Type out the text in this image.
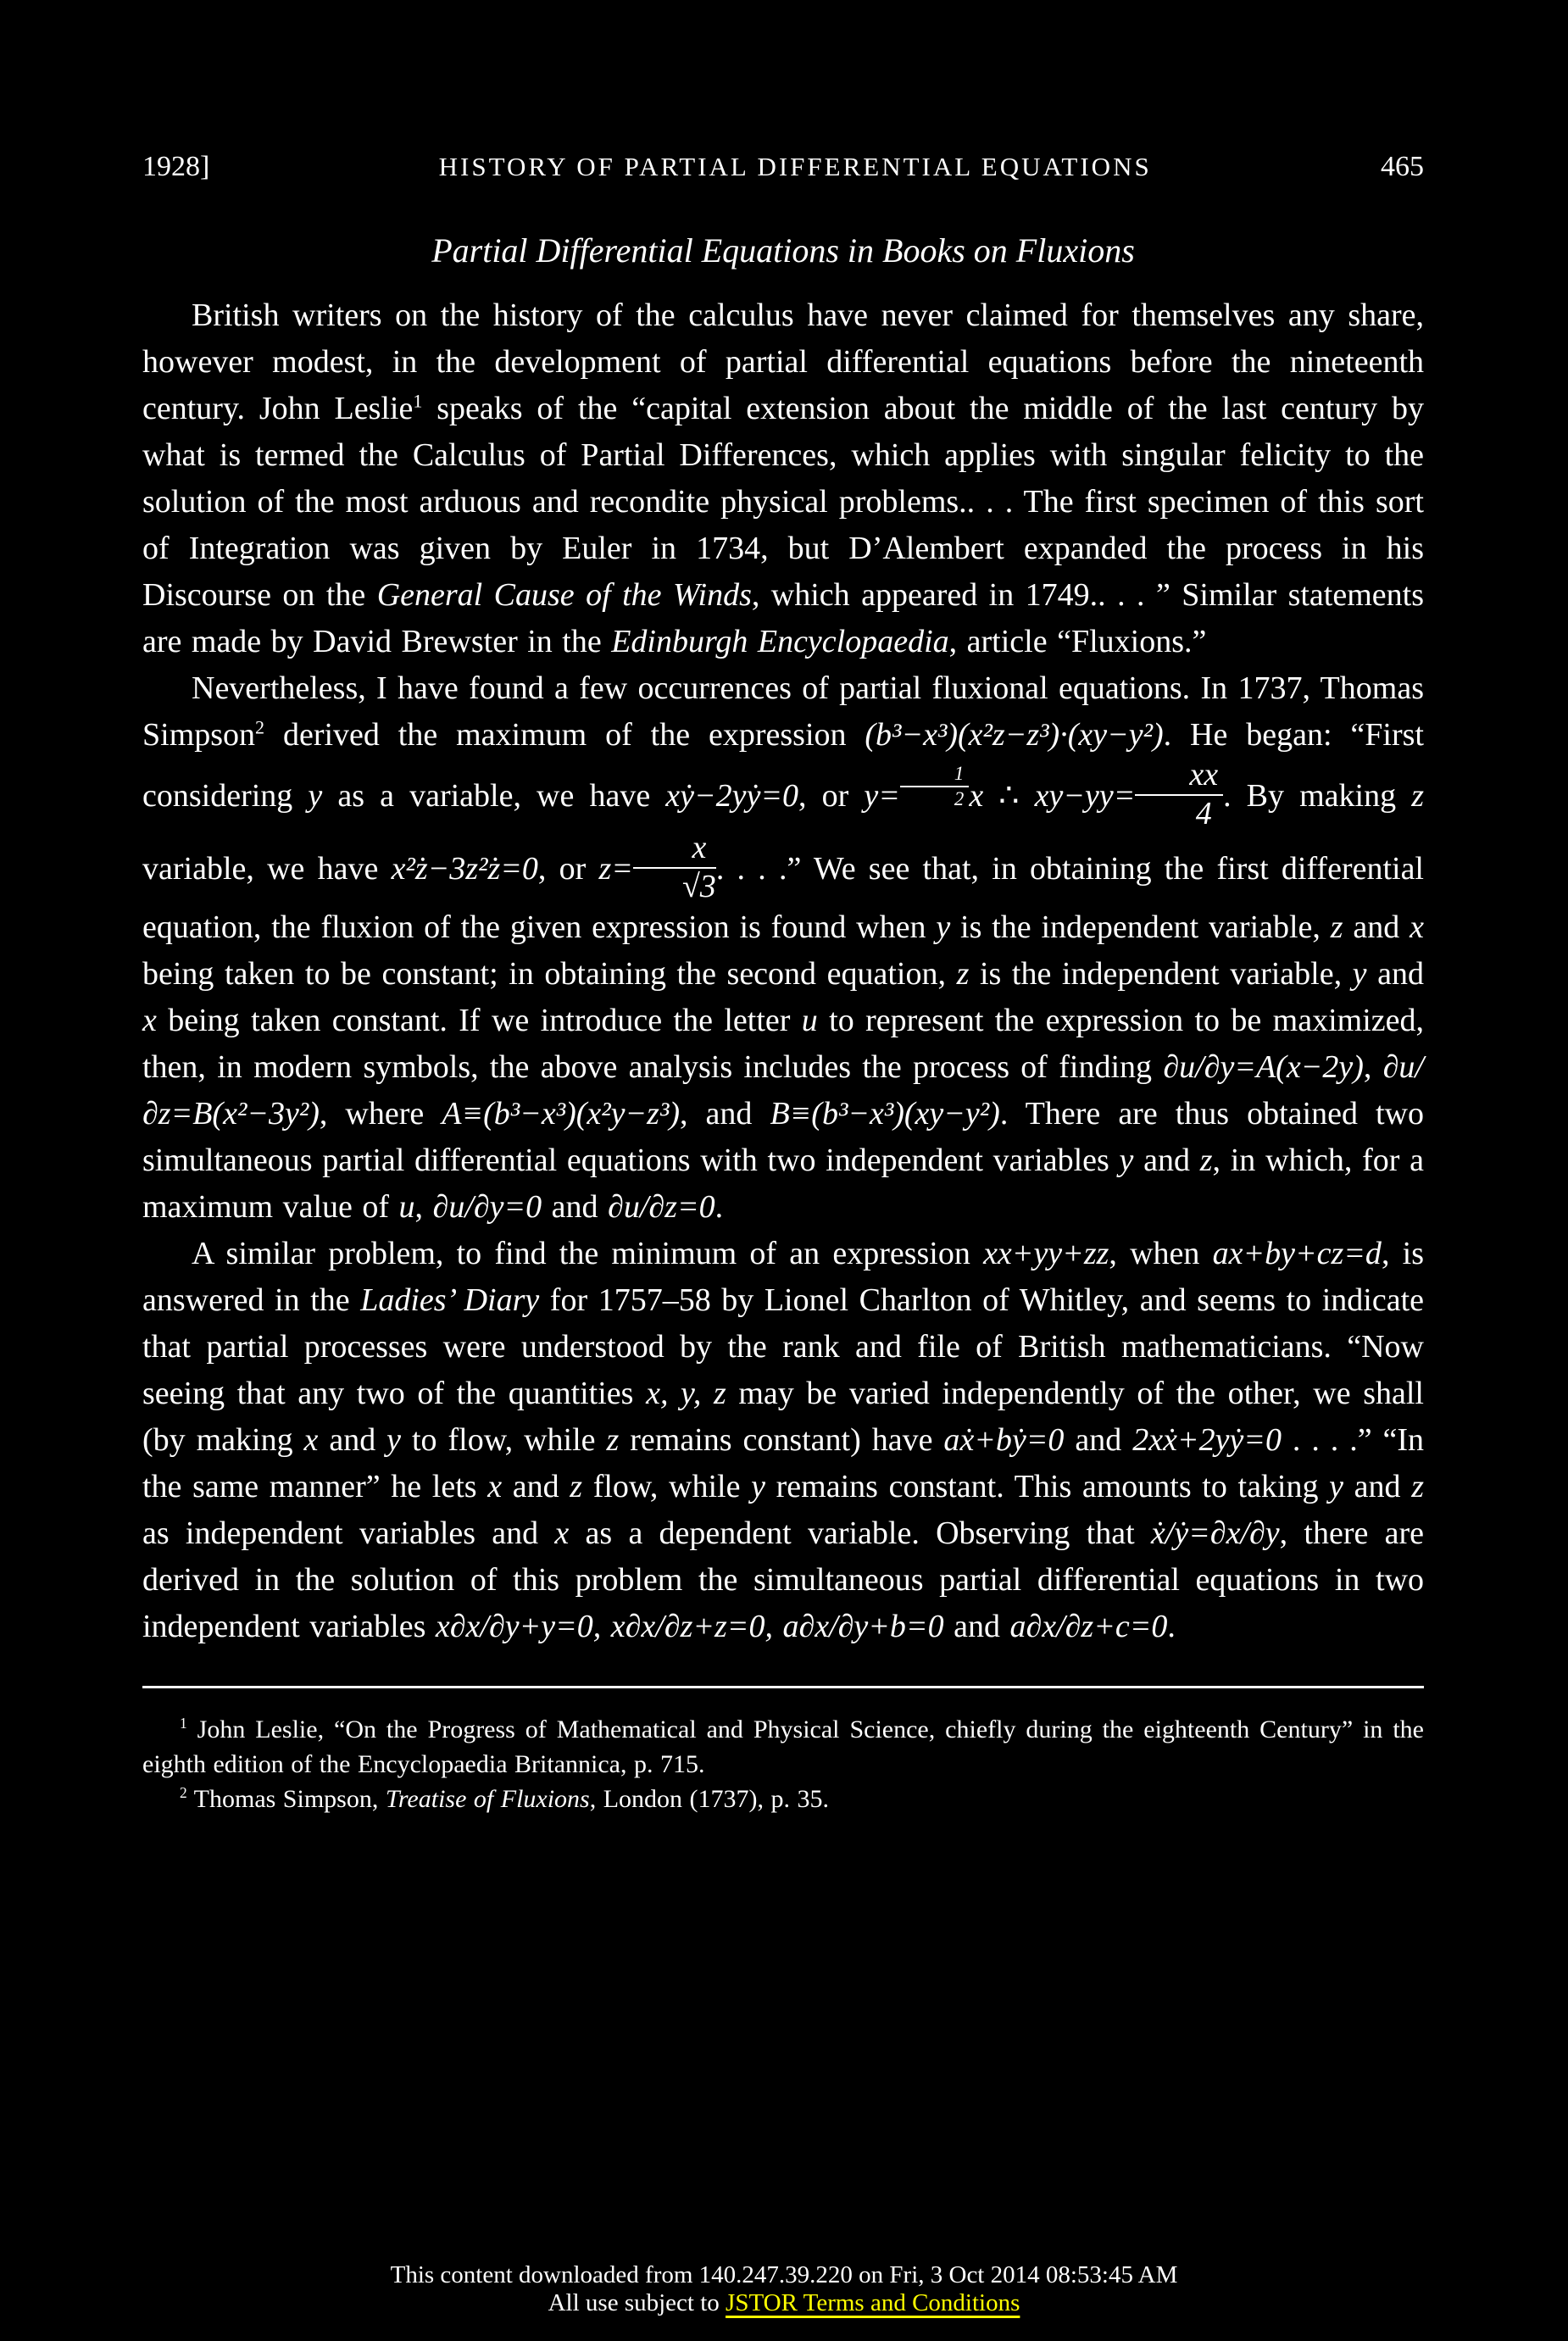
1928]	HISTORY OF PARTIAL DIFFERENTIAL EQUATIONS	465
Partial Differential Equations in Books on Fluxions

British writers on the history of the calculus have never claimed for themselves any share, however modest, in the development of partial differential equations before the nineteenth century. John Leslie$^1$ speaks of the “capital extension about the middle of the last century by what is termed the Calculus of Partial Differences, which applies with singular felicity to the solution of the most arduous and recondite physical problems.. . . The first specimen of this sort of Integration was given by Euler in 1734, but D’Alembert expanded the process in his Discourse on the General Cause of the Winds, which appeared in 1749.. . . ” Similar statements are made by David Brewster in the Edinburgh Encyclopaedia, article “Fluxions.”

Nevertheless, I have found a few occurrences of partial fluxional equations. In 1737, Thomas Simpson$^2$ derived the maximum of the expression (b³−x³)(x²z−z³)·(xy−y²). He began: “First considering y as a variable, we have xẏ−2yẏ=0, or $y= \frac{1}{2}$ x ∴ $xy-yy= \frac{xx}{4}$ . By making z variable, we have x²ż−3z²ż=0, or $z= \frac{x}{√3}$ . . . .” We see that, in obtaining the first differential equation, the fluxion of the given expression is found when y is the independent variable, z and x being taken to be constant; in obtaining the second equation, z is the independent variable, y and x being taken constant. If we introduce the letter u to represent the expression to be maximized, then, in modern symbols, the above analysis includes the process of finding ∂u/∂y=A(x−2y), ∂u/∂z=B(x²−3y²), where A≡(b³−x³)(x²y−z³), and B≡(b³−x³)(xy−y²). There are thus obtained two simultaneous partial differential equations with two independent variables y and z, in which, for a maximum value of u, ∂u/∂y=0 and ∂u/∂z=0.

A similar problem, to find the minimum of an expression xx+yy+zz, when ax+by+cz=d, is answered in the Ladies’ Diary for 1757–58 by Lionel Charlton of Whitley, and seems to indicate that partial processes were understood by the rank and file of British mathematicians. “Now seeing that any two of the quantities x, y, z may be varied independently of the other, we shall (by making x and y to flow, while z remains constant) have aẋ+bẏ=0 and 2xẋ+2yẏ=0 . . . .” “In the same manner” he lets x and z flow, while y remains constant. This amounts to taking y and z as independent variables and x as a dependent variable. Observing that ẋ/ẏ=∂x/∂y, there are derived in the solution of this problem the simultaneous partial differential equations in two independent variables x∂x/∂y+y=0, x∂x/∂z+z=0, a∂x/∂y+b=0 and a∂x/∂z+c=0.

$^1$ John Leslie, “On the Progress of Mathematical and Physical Science, chiefly during the eighteenth Century” in the eighth edition of the Encyclopaedia Britannica, p. 715.

$^2$ Thomas Simpson, Treatise of Fluxions, London (1737), p. 35.

This content downloaded from 140.247.39.220 on Fri, 3 Oct 2014 08:53:45 AM
All use subject to JSTOR Terms and Conditions
